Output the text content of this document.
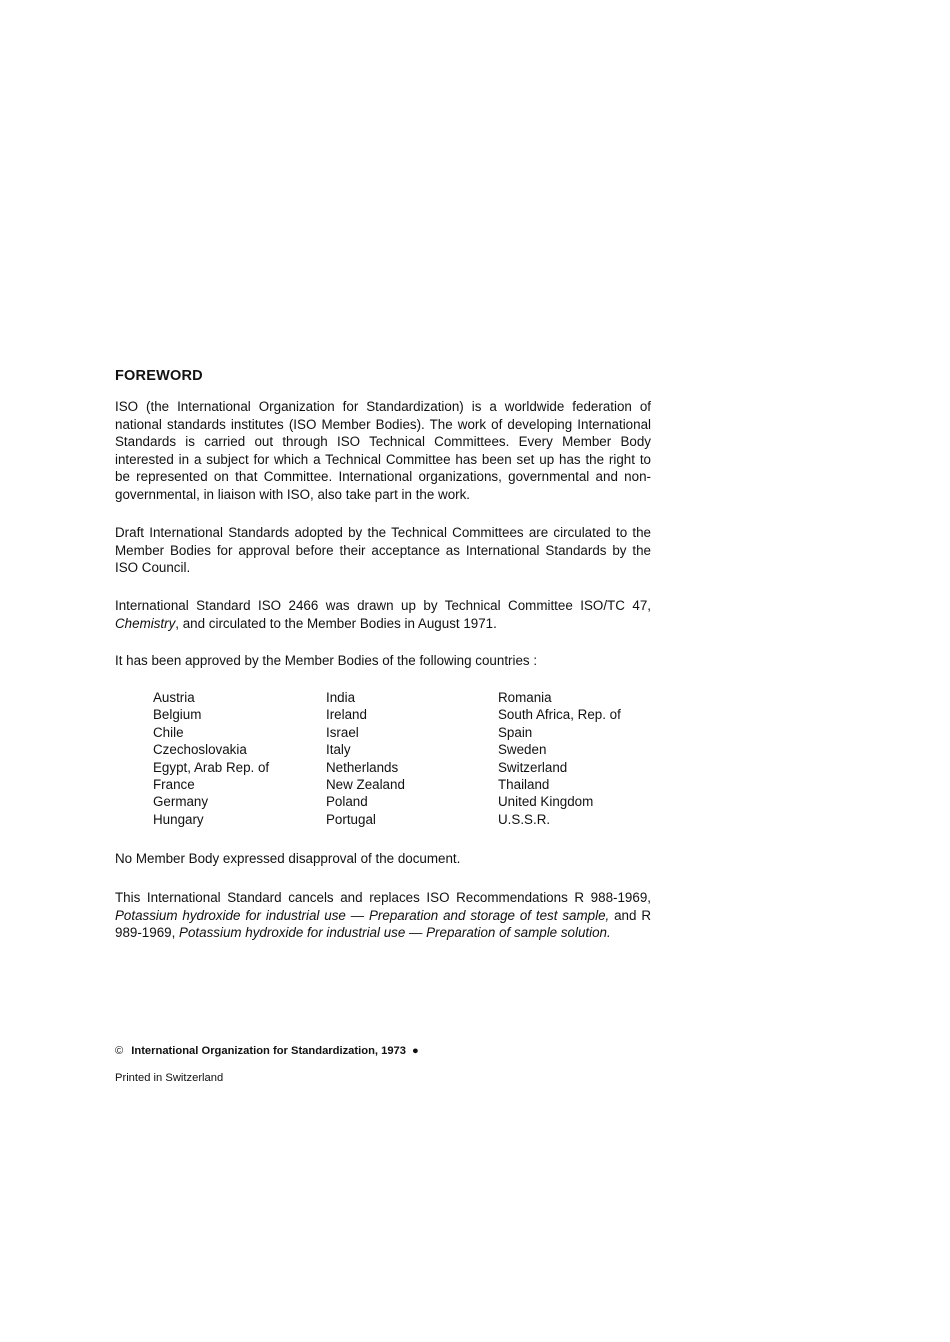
FOREWORD
ISO (the International Organization for Standardization) is a worldwide federation of national standards institutes (ISO Member Bodies). The work of developing International Standards is carried out through ISO Technical Committees. Every Member Body interested in a subject for which a Technical Committee has been set up has the right to be represented on that Committee. International organizations, governmental and non-governmental, in liaison with ISO, also take part in the work.
Draft International Standards adopted by the Technical Committees are circulated to the Member Bodies for approval before their acceptance as International Standards by the ISO Council.
International Standard ISO 2466 was drawn up by Technical Committee ISO/TC 47, Chemistry, and circulated to the Member Bodies in August 1971.
It has been approved by the Member Bodies of the following countries :
Austria
Belgium
Chile
Czechoslovakia
Egypt, Arab Rep. of
France
Germany
Hungary
India
Ireland
Israel
Italy
Netherlands
New Zealand
Poland
Portugal
Romania
South Africa, Rep. of
Spain
Sweden
Switzerland
Thailand
United Kingdom
U.S.S.R.
No Member Body expressed disapproval of the document.
This International Standard cancels and replaces ISO Recommendations R 988-1969, Potassium hydroxide for industrial use — Preparation and storage of test sample, and R 989-1969, Potassium hydroxide for industrial use — Preparation of sample solution.
© International Organization for Standardization, 1973 ●
Printed in Switzerland
